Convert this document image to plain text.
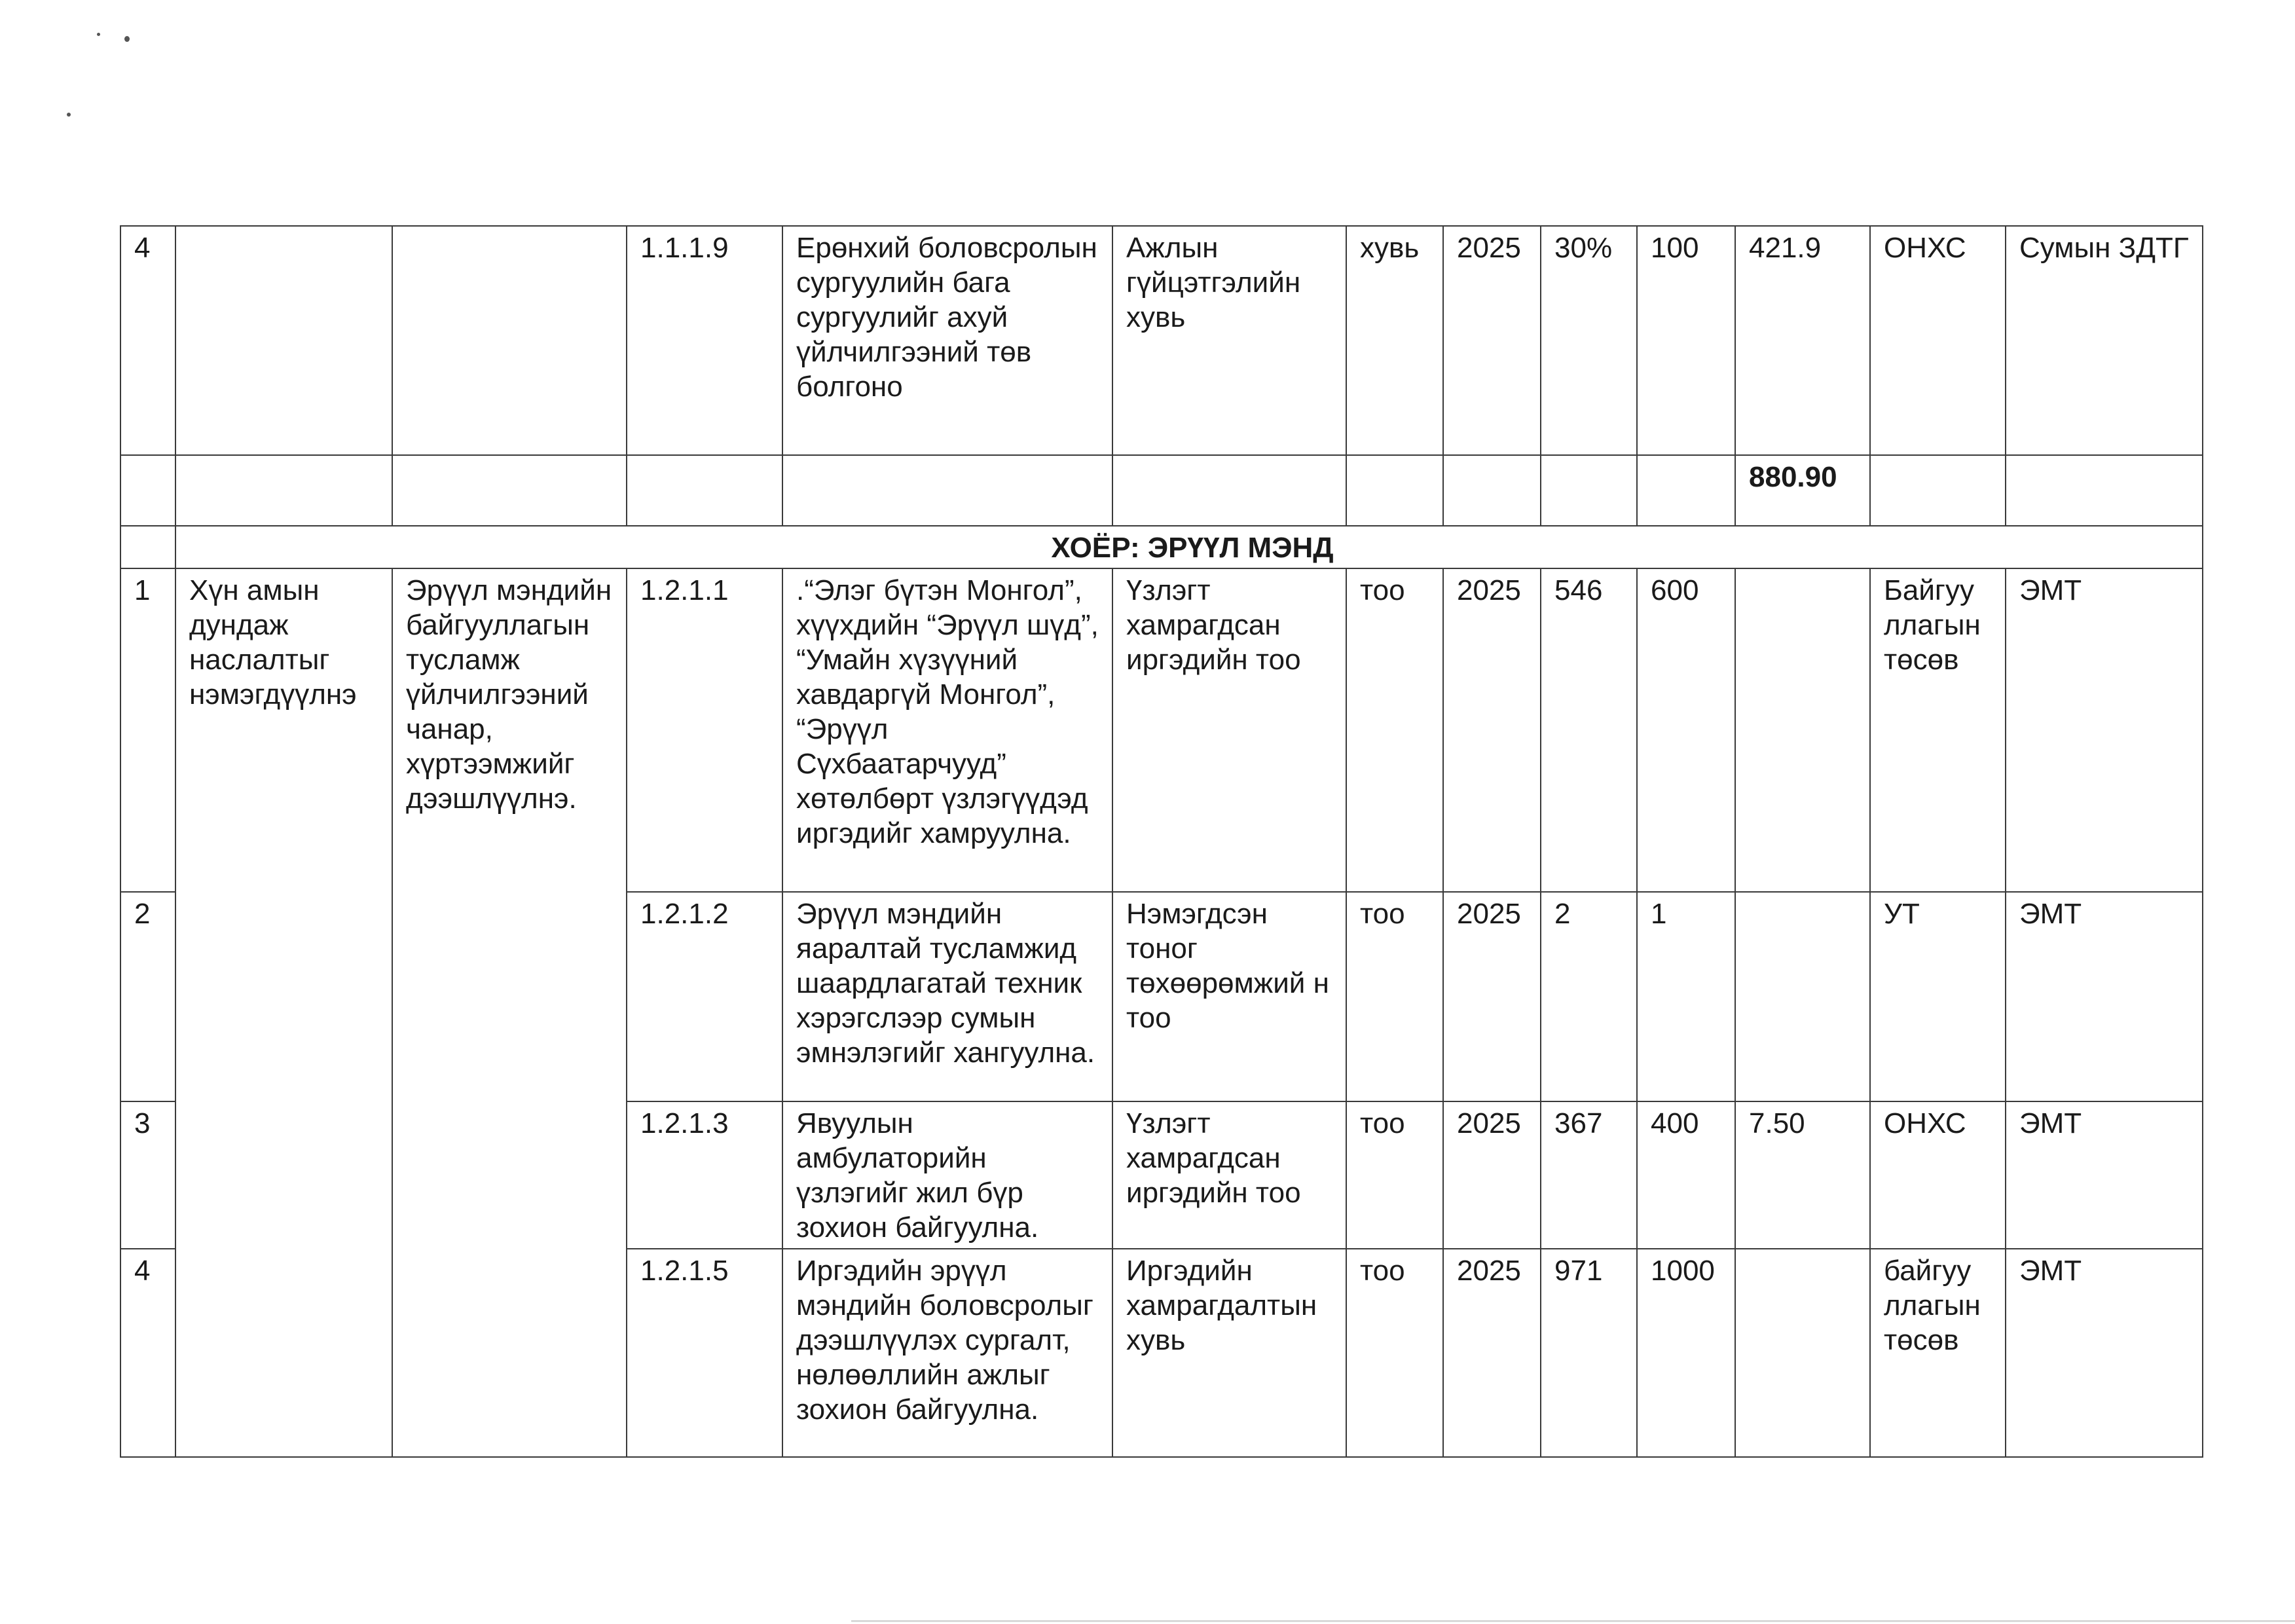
4			1.1.1.9	Ерөнхий боловсролын сургуулийн бага сургуулийг ахуй үйлчилгээний төв болгоно	Ажлын гүйцэтгэлийн хувь	хувь	2025	30%	100	421.9	ОНХС	Сумын ЗДТГ
										880.90		
	ХОЁР: ЭРҮҮЛ МЭНД											
1	Хүн амын дундаж наслалтыг нэмэгдүүлнэ	Эрүүл мэндийн байгууллагын тусламж үйлчилгээний чанар, хүртээмжийг дээшлүүлнэ.	1.2.1.1	.“Элэг бүтэн Монгол”, хүүхдийн “Эрүүл шүд”, “Умайн хүзүүний хавдаргүй Монгол”, “Эрүүл Сүхбаатарчууд” хөтөлбөрт үзлэгүүдэд иргэдийг хамруулна.	Үзлэгт хамрагдсан иргэдийн тоо	тоо	2025	546	600		Байгуу ллагын төсөв	ЭМТ
2			1.2.1.2	Эрүүл мэндийн яаралтай тусламжид шаардлагатай техник хэрэгслээр сумын эмнэлэгийг хангуулна.	Нэмэгдсэн тоног төхөөрөмжий н тоо	тоо	2025	2	1		УТ	ЭМТ
3			1.2.1.3	Явуулын амбулаторийн үзлэгийг жил бүр зохион байгуулна.	Үзлэгт хамрагдсан иргэдийн тоо	тоо	2025	367	400	7.50	ОНХС	ЭМТ
4			1.2.1.5	Иргэдийн эрүүл мэндийн боловсролыг дээшлүүлэх сургалт, нөлөөллийн ажлыг зохион байгуулна.	Иргэдийн хамрагдалтын хувь	тоо	2025	971	1000		байгуу ллагын төсөв	ЭМТ
